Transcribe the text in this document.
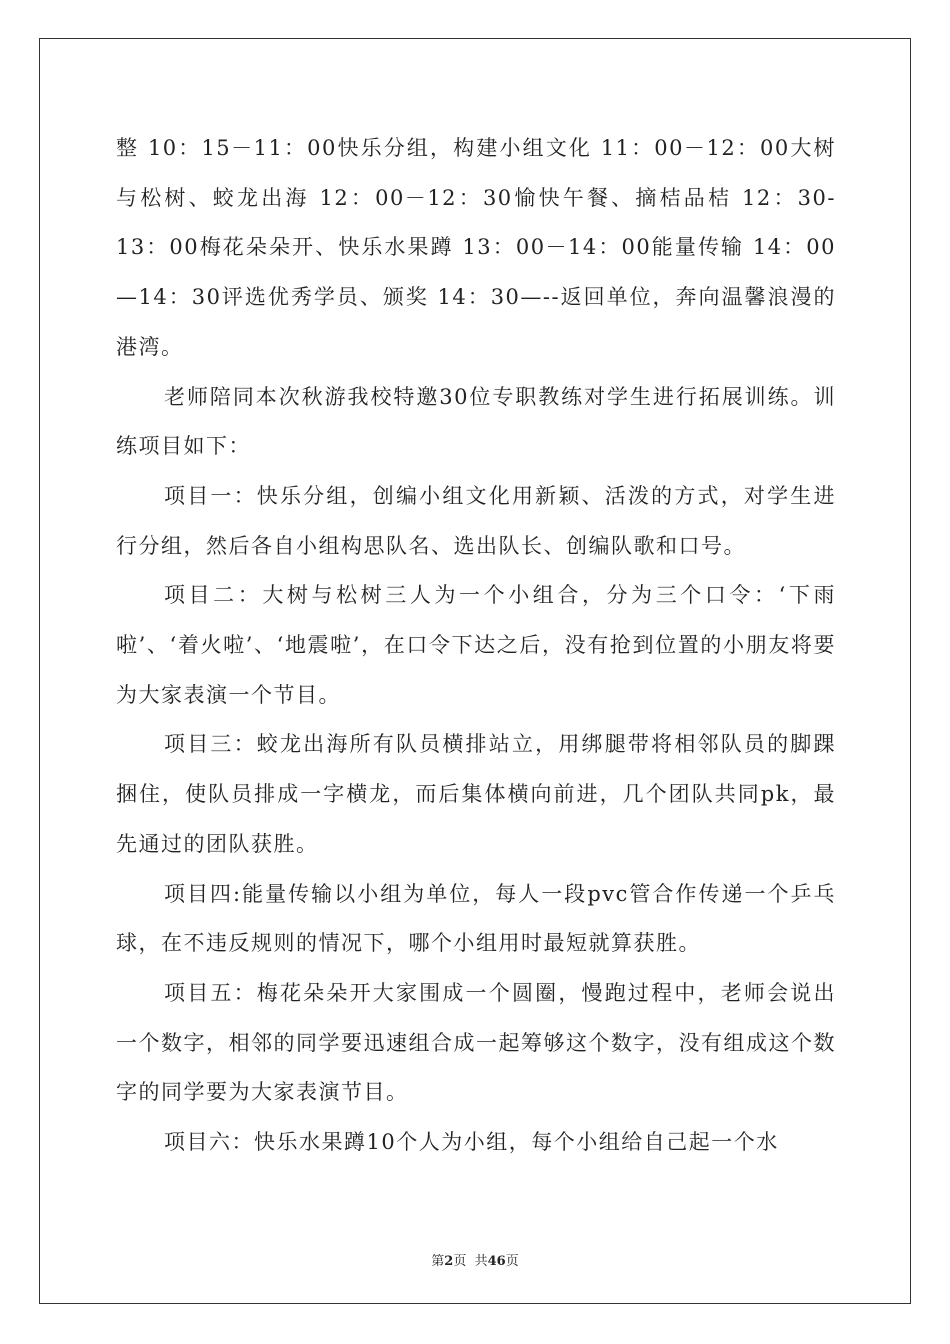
整 10：15－11：00快乐分组，构建小组文化 11：00－12：00大树与松树、蛟龙出海 12：00－12：30愉快午餐、摘桔品桔 12：30-13：00梅花朵朵开、快乐水果蹲 13：00－14：00能量传输 14：00—14：30评选优秀学员、颁奖 14：30—--返回单位，奔向温馨浪漫的港湾。

老师陪同本次秋游我校特邀30位专职教练对学生进行拓展训练。训练项目如下：

项目一：快乐分组，创编小组文化用新颖、活泼的方式，对学生进行分组，然后各自小组构思队名、选出队长、创编队歌和口号。

项目二：大树与松树三人为一个小组合，分为三个口令：‘下雨啦’、‘着火啦’、‘地震啦’，在口令下达之后，没有抢到位置的小朋友将要为大家表演一个节目。

项目三：蛟龙出海所有队员横排站立，用绑腿带将相邻队员的脚踝捆住，使队员排成一字横龙，而后集体横向前进，几个团队共同pk，最先通过的团队获胜。

项目四:能量传输以小组为单位，每人一段pvc管合作传递一个乒乓球，在不违反规则的情况下，哪个小组用时最短就算获胜。

项目五：梅花朵朵开大家围成一个圆圈，慢跑过程中，老师会说出一个数字，相邻的同学要迅速组合成一起筹够这个数字，没有组成这个数字的同学要为大家表演节目。

项目六：快乐水果蹲10个人为小组，每个小组给自己起一个水

第2页  共46页
